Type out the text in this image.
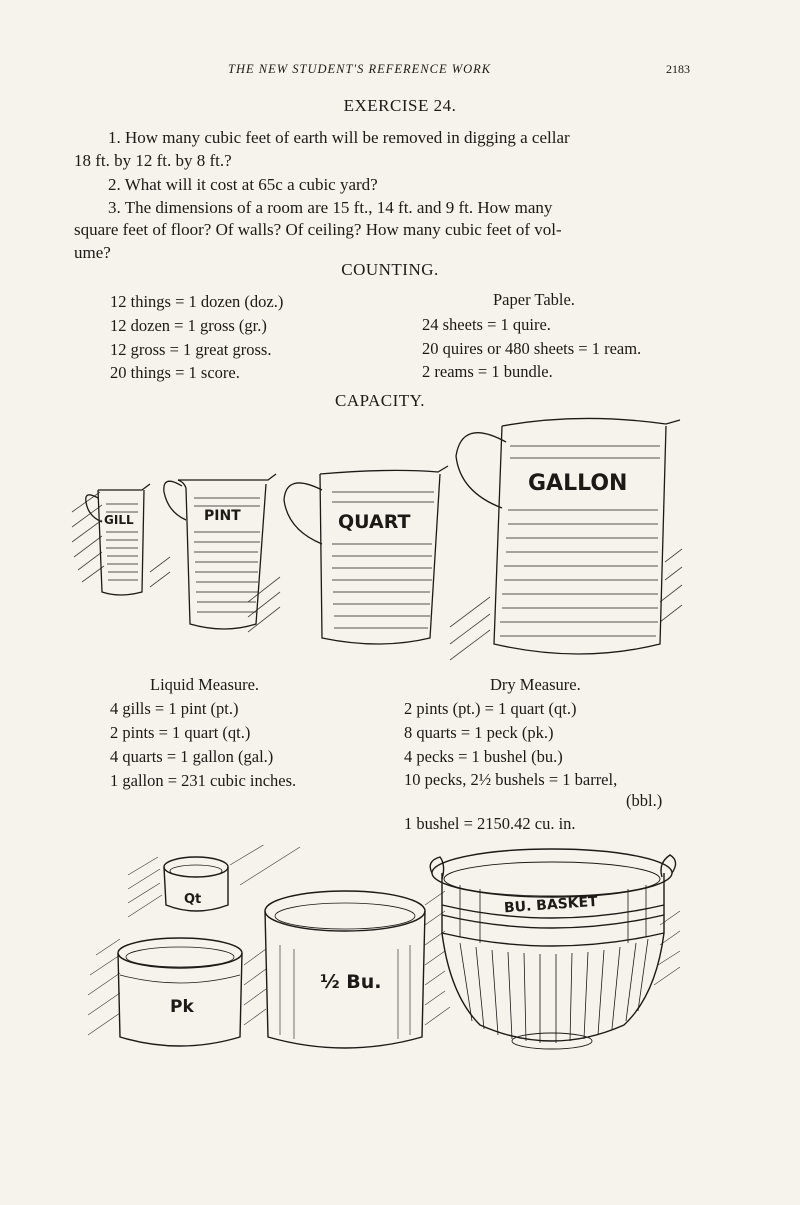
THE NEW STUDENT'S REFERENCE WORK	2183
EXERCISE 24.
1. How many cubic feet of earth will be removed in digging a cellar
18 ft. by 12 ft. by 8 ft.?
2. What will it cost at 65c a cubic yard?
3. The dimensions of a room are 15 ft., 14 ft. and 9 ft. How many
square feet of floor? Of walls? Of ceiling? How many cubic feet of vol-
ume?
COUNTING.
12 things = 1 dozen (doz.)
12 dozen = 1 gross (gr.)
12 gross = 1 great gross.
20 things = 1 score.
Paper Table.
24 sheets = 1 quire.
20 quires or 480 sheets = 1 ream.
2 reams = 1 bundle.
CAPACITY.
GILL	PINT	QUART
GALLON
Liquid Measure.
4 gills = 1 pint (pt.)
2 pints = 1 quart (qt.)
4 quarts = 1 gallon (gal.)
1 gallon = 231 cubic inches.
Dry Measure.
2 pints (pt.) = 1 quart (qt.)
8 quarts = 1 peck (pk.)
4 pecks = 1 bushel (bu.)
10 pecks, 2½ bushels = 1 barrel,
(bbl.)
1 bushel = 2150.42 cu. in.
Qt
Pk
½ Bu.
BU. BASKET
